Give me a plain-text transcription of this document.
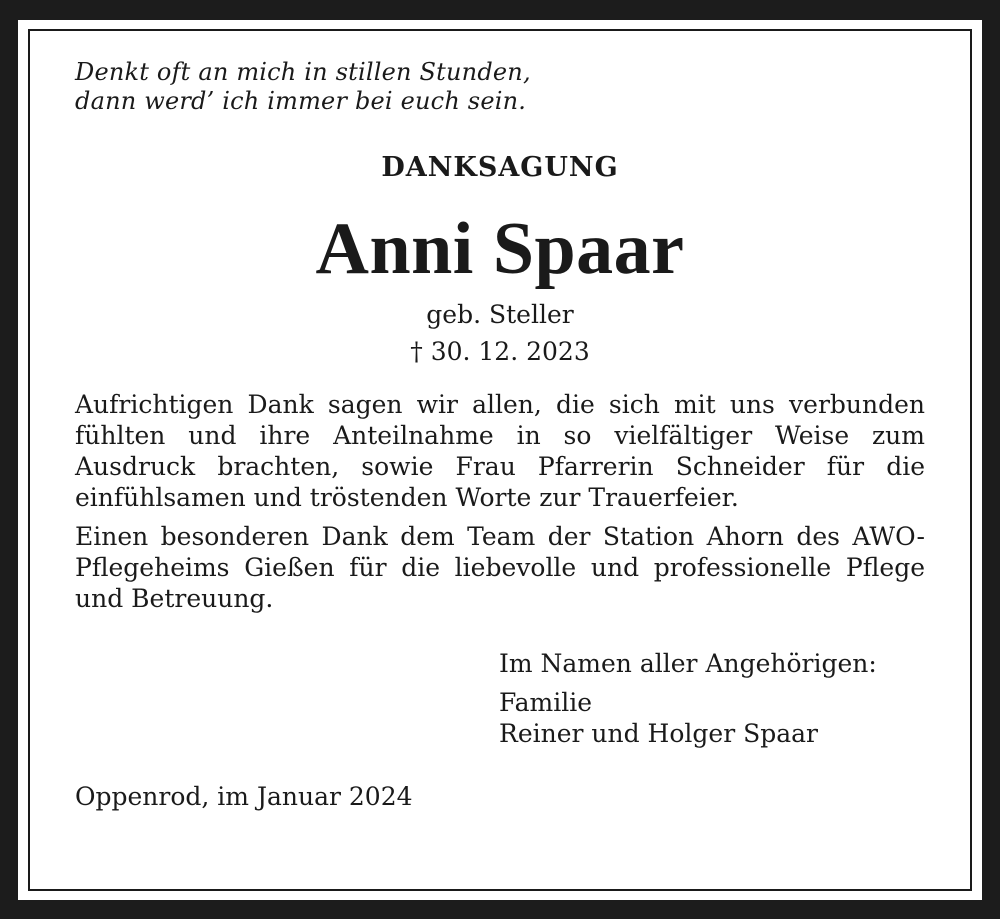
Denkt oft an mich in stillen Stunden,
dann werd’ ich immer bei euch sein.

DANKSAGUNG
Anni Spaar

geb. Steller

† 30. 12. 2023

Aufrichtigen Dank sagen wir allen, die sich mit uns verbunden fühlten und ihre Anteilnahme in so vielfältiger Weise zum Ausdruck brachten, sowie Frau Pfarrerin Schneider für die einfühlsamen und tröstenden Worte zur Trauerfeier.

Einen besonderen Dank dem Team der Station Ahorn des AWO-Pflegeheims Gießen für die liebevolle und professionelle Pflege und Betreuung.

Im Namen aller Angehörigen:
Familie
Reiner und Holger Spaar

Oppenrod, im Januar 2024
